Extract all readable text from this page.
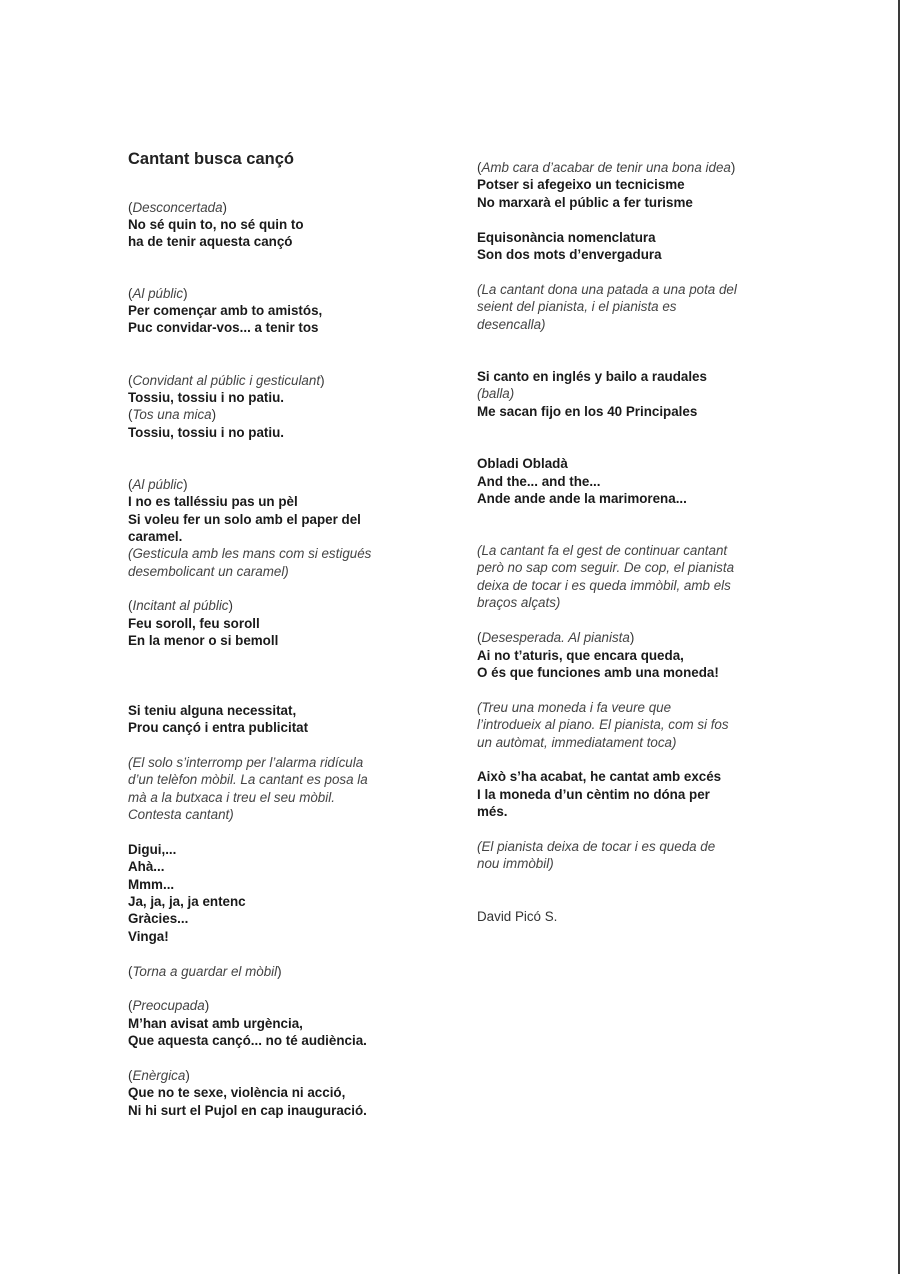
Cantant busca cançó
(Desconcertada)
No sé quin to, no sé quin to
ha de tenir aquesta cançó
(Al públic)
Per començar amb to amistós,
Puc convidar-vos... a tenir tos
(Convidant al públic i gesticulant)
Tossiu, tossiu i no patiu.
(Tos una mica)
Tossiu, tossiu i no patiu.
(Al públic)
I no es talléssiu pas un pèl
Si voleu fer un solo amb el paper del
caramel.
(Gesticula amb les mans com si estigués
desembolicant un caramel)
(Incitant al públic)
Feu soroll, feu soroll
En la menor o si bemoll
Si teniu alguna necessitat,
Prou cançó i entra publicitat
(El solo s’interromp per l’alarma ridícula
d’un telèfon mòbil. La cantant es posa la
mà a la butxaca i treu el seu mòbil.
Contesta cantant)
Digui,...
Ahà...
Mmm...
Ja, ja, ja, ja entenc
Gràcies...
Vinga!
(Torna a guardar el mòbil)
(Preocupada)
M’han avisat amb urgència,
Que aquesta cançó... no té audiència.
(Enèrgica)
Que no te sexe, violència ni acció,
Ni hi surt el Pujol en cap inauguració.
(Amb cara d’acabar de tenir una bona idea)
Potser si afegeixo un tecnicisme
No marxarà el públic a fer turisme
Equisonància nomenclatura
Son dos mots d’envergadura
(La cantant dona una patada a una pota del
seient del pianista, i el pianista es
desencalla)
Si canto en inglés y bailo a raudales
(balla)
Me sacan fijo en los 40 Principales
Obladi Obladà
And the... and the...
Ande ande ande la marimorena...
(La cantant fa el gest de continuar cantant
però no sap com seguir. De cop, el pianista
deixa de tocar i es queda immòbil, amb els
braços alçats)
(Desesperada. Al pianista)
Ai no t’aturis, que encara queda,
O és que funciones amb una moneda!
(Treu una moneda i fa veure que
l’introdueix al piano. El pianista, com si fos
un autòmat, immediatament toca)
Això s’ha acabat, he cantat amb excés
I la moneda d’un cèntim no dóna per
més.
(El pianista deixa de tocar i es queda de
nou immòbil)
David Picó S.
